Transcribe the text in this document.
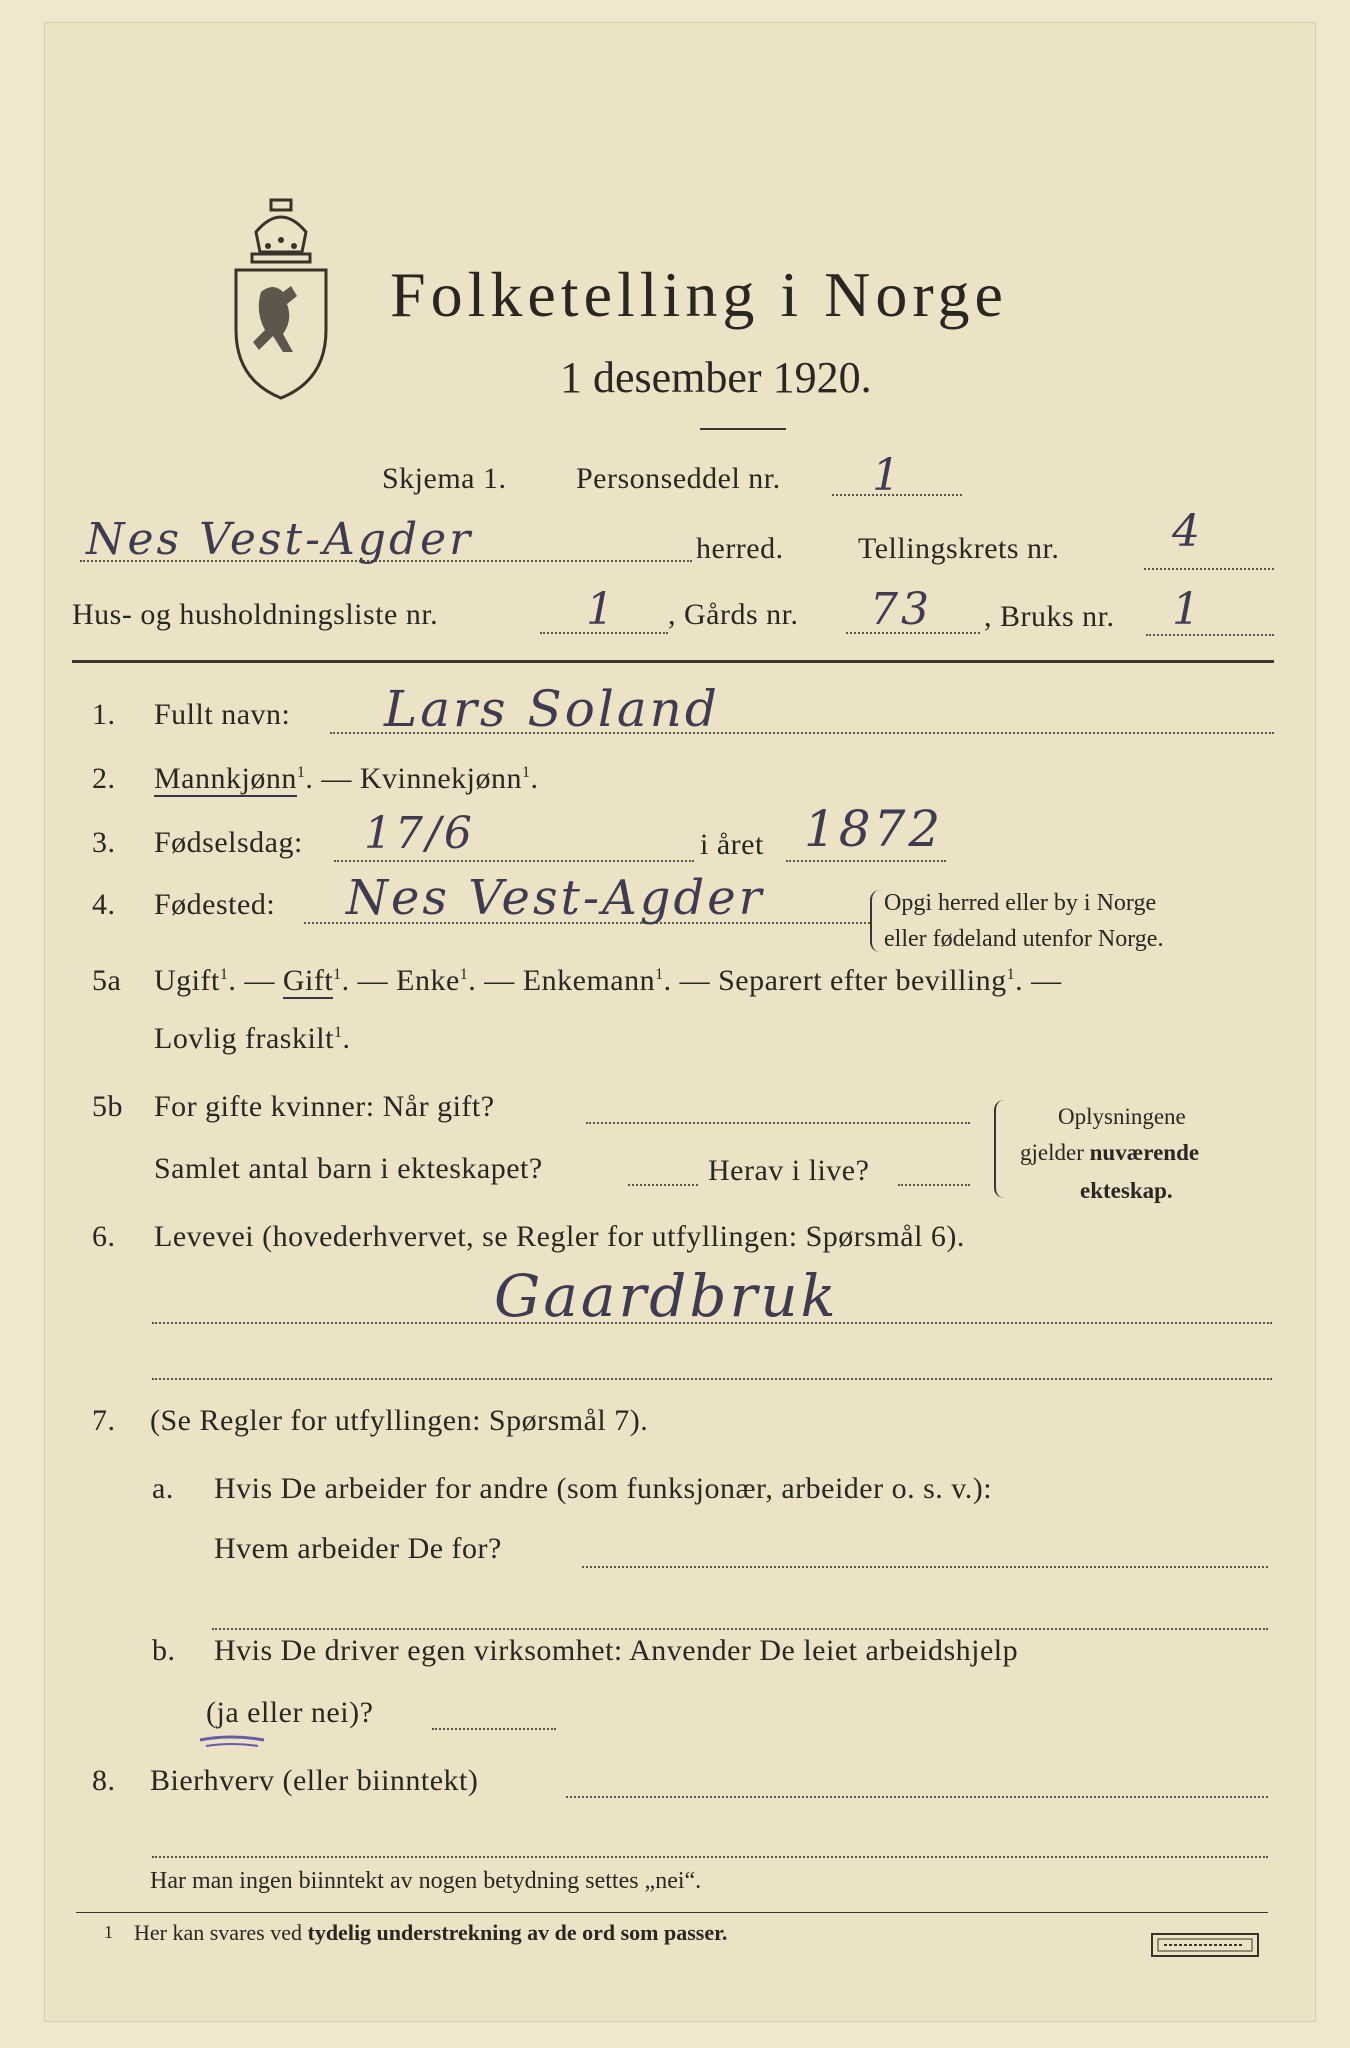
Folketelling i Norge
1 desember 1920.
Skjema 1. Personseddel nr. 1
Nes Vest-Agder	herred. Tellingskrets nr.	4
Hus- og husholdningsliste nr.	1 , Gårds nr. 73 , Bruks nr. 1
1. Fullt navn: Lars Soland
2. Mannkjønn$^1$. — Kvinnekjønn$^1$.
3. Fødselsdag: 17/6	i året 1872
4. Fødested: Nes Vest-Agder	Opgi herred eller by i Norge
eller fødeland utenfor Norge.
5a Ugift$^1$. — Gift$^1$. — Enke$^1$. — Enkemann$^1$. — Separert efter bevilling$^1$. —
Lovlig fraskilt$^1$.
5b For gifte kvinner: Når gift?
Samlet antal barn i ekteskapet?	Herav i live?
Oplysningene
gjelder nuværende
ekteskap.
6. Levevei (hovederhvervet, se Regler for utfyllingen: Spørsmål 6).
Gaardbruk
7. (Se Regler for utfyllingen: Spørsmål 7).
a. Hvis De arbeider for andre (som funksjonær, arbeider o. s. v.):
Hvem arbeider De for?
b. Hvis De driver egen virksomhet: Anvender De leiet arbeidshjelp
(ja eller nei)?
8. Bierhverv (eller biinntekt)
Har man ingen biinntekt av nogen betydning settes „nei“.
1 Her kan svares ved tydelig understrekning av de ord som passer.
